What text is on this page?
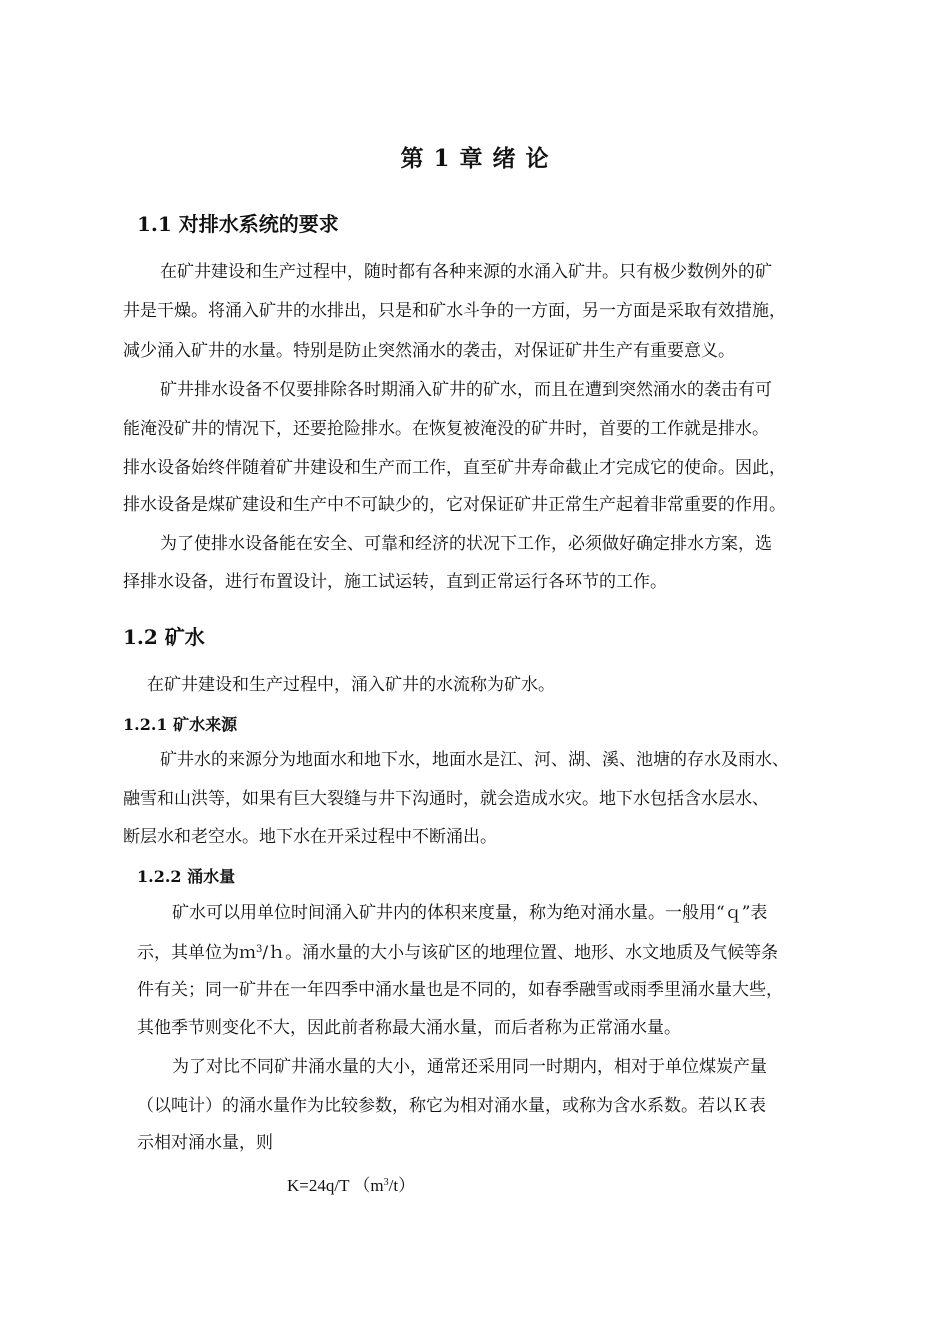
第 1 章 绪 论
1.1 对排水系统的要求
在矿井建设和生产过程中，随时都有各种来源的水涌入矿井。只有极少数例外的矿
井是干燥。将涌入矿井的水排出，只是和矿水斗争的一方面，另一方面是采取有效措施，
减少涌入矿井的水量。特别是防止突然涌水的袭击，对保证矿井生产有重要意义。
矿井排水设备不仅要排除各时期涌入矿井的矿水，而且在遭到突然涌水的袭击有可
能淹没矿井的情况下，还要抢险排水。在恢复被淹没的矿井时，首要的工作就是排水。
排水设备始终伴随着矿井建设和生产而工作，直至矿井寿命截止才完成它的使命。因此，
排水设备是煤矿建设和生产中不可缺少的，它对保证矿井正常生产起着非常重要的作用。
为了使排水设备能在安全、可靠和经济的状况下工作，必须做好确定排水方案，选
择排水设备，进行布置设计，施工试运转，直到正常运行各环节的工作。
1.2 矿水
在矿井建设和生产过程中，涌入矿井的水流称为矿水。
1.2.1 矿水来源
矿井水的来源分为地面水和地下水，地面水是江、河、湖、溪、池塘的存水及雨水、
融雪和山洪等，如果有巨大裂缝与井下沟通时，就会造成水灾。地下水包括含水层水、
断层水和老空水。地下水在开采过程中不断涌出。
1.2.2 涌水量
矿水可以用单位时间涌入矿井内的体积来度量，称为绝对涌水量。一般用“ｑ”表
示，其单位为ｍ$^3$/ｈ。涌水量的大小与该矿区的地理位置、地形、水文地质及气候等条
件有关；同一矿井在一年四季中涌水量也是不同的，如春季融雪或雨季里涌水量大些，
其他季节则变化不大，因此前者称最大涌水量，而后者称为正常涌水量。
为了对比不同矿井涌水量的大小，通常还采用同一时期内，相对于单位煤炭产量
（以吨计）的涌水量作为比较参数，称它为相对涌水量，或称为含水系数。若以Ｋ表
示相对涌水量，则
K=24q/T $(m^3/t)$
